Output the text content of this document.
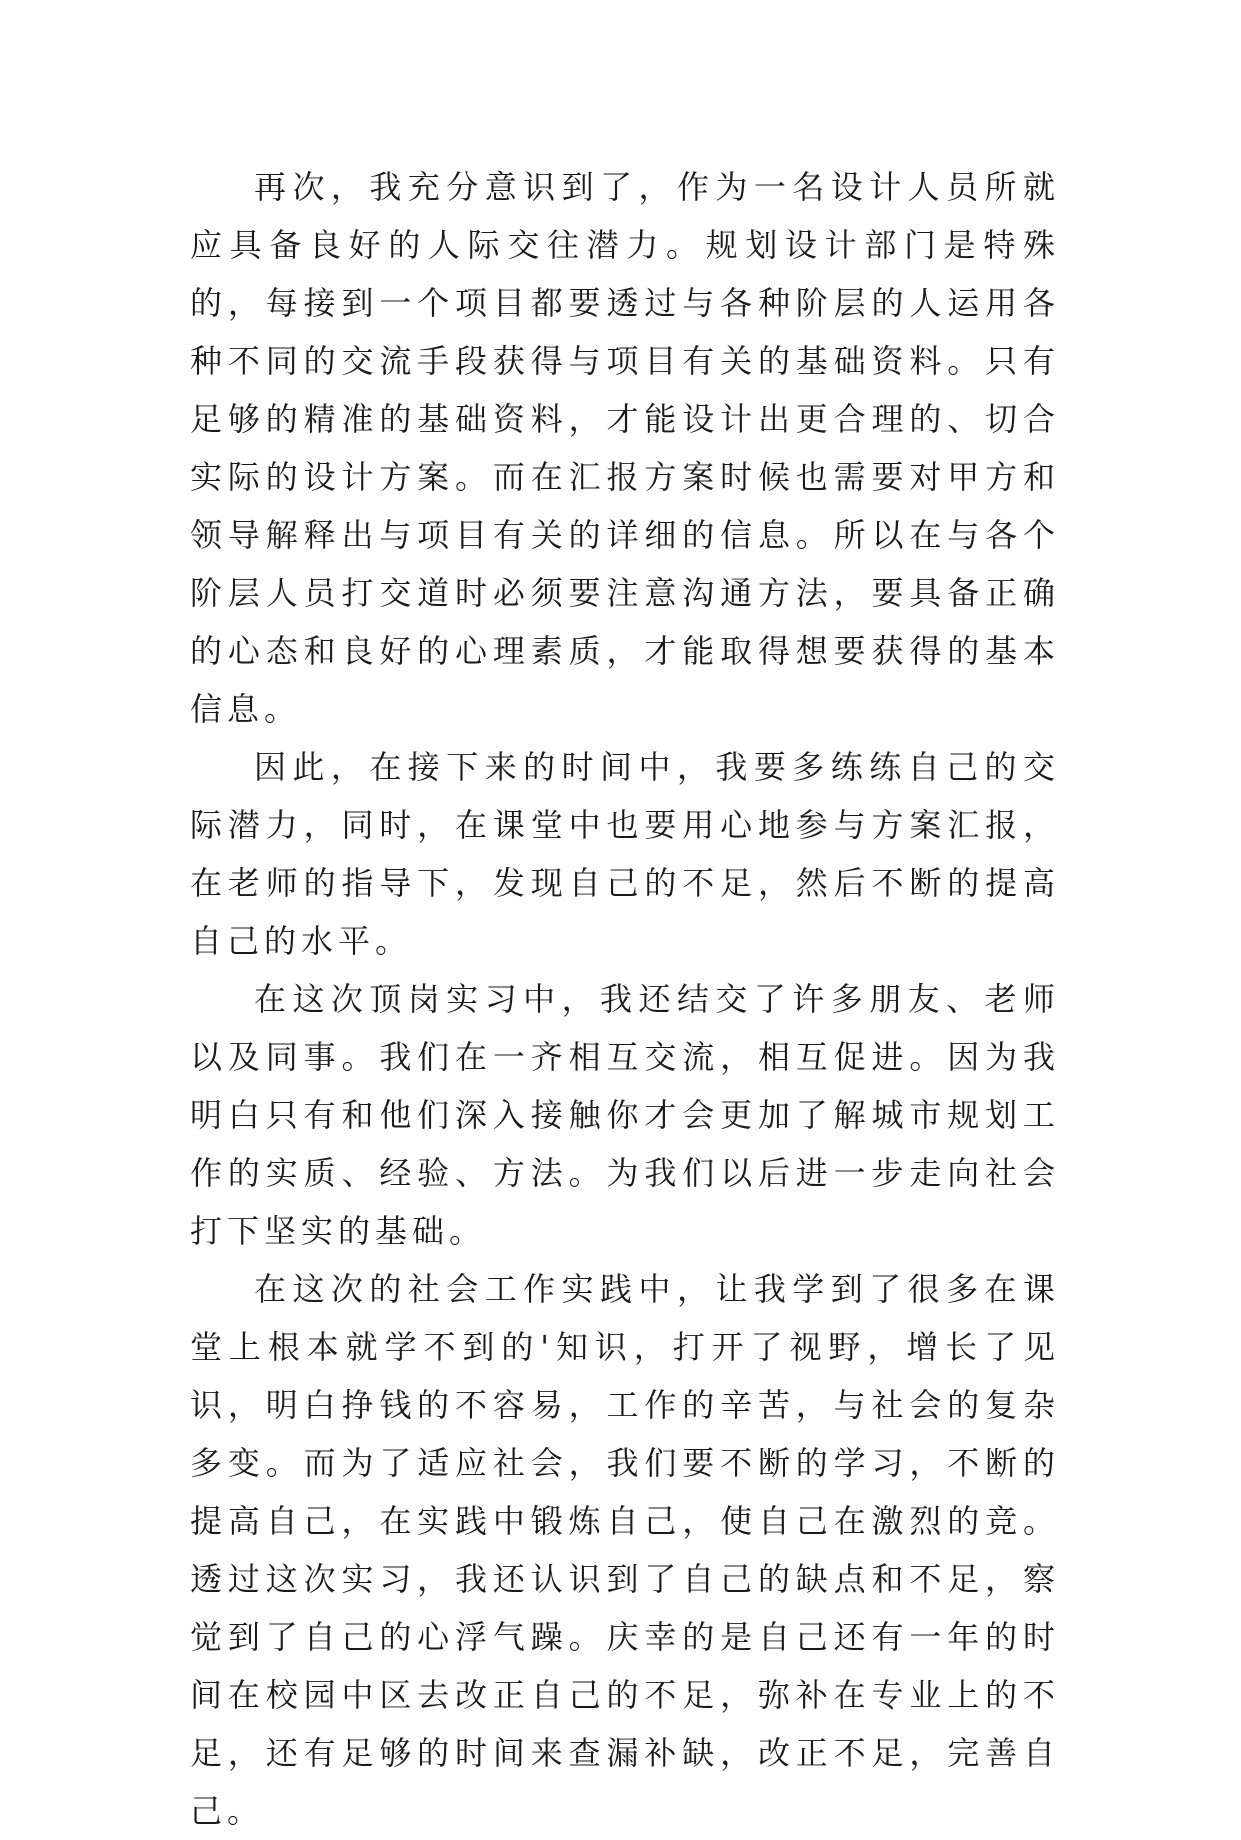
再次，我充分意识到了，作为一名设计人员所就应具备良好的人际交往潜力。规划设计部门是特殊的，每接到一个项目都要透过与各种阶层的人运用各种不同的交流手段获得与项目有关的基础资料。只有足够的精准的基础资料，才能设计出更合理的、切合实际的设计方案。而在汇报方案时候也需要对甲方和领导解释出与项目有关的详细的信息。所以在与各个阶层人员打交道时必须要注意沟通方法，要具备正确的心态和良好的心理素质，才能取得想要获得的基本信息。

因此，在接下来的时间中，我要多练练自己的交际潜力，同时，在课堂中也要用心地参与方案汇报，在老师的指导下，发现自己的不足，然后不断的提高自己的水平。

在这次顶岗实习中，我还结交了许多朋友、老师以及同事。我们在一齐相互交流，相互促进。因为我明白只有和他们深入接触你才会更加了解城市规划工作的实质、经验、方法。为我们以后进一步走向社会打下坚实的基础。

在这次的社会工作实践中，让我学到了很多在课堂上根本就学不到的'知识，打开了视野，增长了见识，明白挣钱的不容易，工作的辛苦，与社会的复杂多变。而为了适应社会，我们要不断的学习，不断的提高自己，在实践中锻炼自己，使自己在激烈的竞。透过这次实习，我还认识到了自己的缺点和不足，察觉到了自己的心浮气躁。庆幸的是自己还有一年的时间在校园中区去改正自己的不足，弥补在专业上的不足，还有足够的时间来查漏补缺，改正不足，完善自己。
